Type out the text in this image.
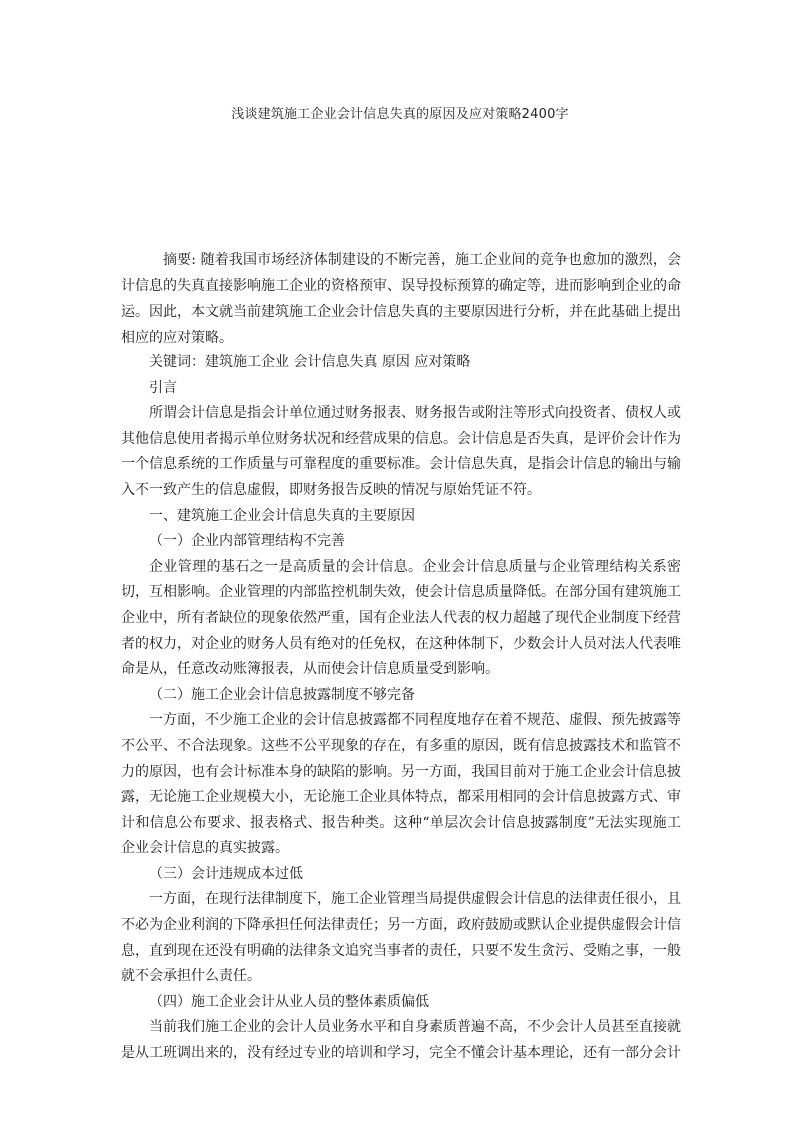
浅谈建筑施工企业会计信息失真的原因及应对策略2400字

摘要: 随着我国市场经济体制建设的不断完善，施工企业间的竞争也愈加的激烈，会计信息的失真直接影响施工企业的资格预审、误导投标预算的确定等，进而影响到企业的命运。因此，本文就当前建筑施工企业会计信息失真的主要原因进行分析，并在此基础上提出相应的应对策略。

关键词：建筑施工企业 会计信息失真 原因 应对策略

引言

所谓会计信息是指会计单位通过财务报表、财务报告或附注等形式向投资者、债权人或其他信息使用者揭示单位财务状况和经营成果的信息。会计信息是否失真，是评价会计作为一个信息系统的工作质量与可靠程度的重要标准。会计信息失真，是指会计信息的输出与输入不一致产生的信息虚假，即财务报告反映的情况与原始凭证不符。

一、建筑施工企业会计信息失真的主要原因

（一）企业内部管理结构不完善

企业管理的基石之一是高质量的会计信息。企业会计信息质量与企业管理结构关系密切，互相影响。企业管理的内部监控机制失效，使会计信息质量降低。在部分国有建筑施工企业中，所有者缺位的现象依然严重，国有企业法人代表的权力超越了现代企业制度下经营者的权力，对企业的财务人员有绝对的任免权，在这种体制下，少数会计人员对法人代表唯命是从，任意改动账簿报表，从而使会计信息质量受到影响。

（二）施工企业会计信息披露制度不够完备

一方面，不少施工企业的会计信息披露都不同程度地存在着不规范、虚假、预先披露等不公平、不合法现象。这些不公平现象的存在，有多重的原因，既有信息披露技术和监管不力的原因，也有会计标准本身的缺陷的影响。另一方面，我国目前对于施工企业会计信息披露，无论施工企业规模大小，无论施工企业具体特点，都采用相同的会计信息披露方式、审计和信息公布要求、报表格式、报告种类。这种“单层次会计信息披露制度”无法实现施工企业会计信息的真实披露。

（三）会计违规成本过低

一方面，在现行法律制度下，施工企业管理当局提供虚假会计信息的法律责任很小，且不必为企业利润的下降承担任何法律责任；另一方面，政府鼓励或默认企业提供虚假会计信息，直到现在还没有明确的法律条文追究当事者的责任，只要不发生贪污、受贿之事，一般就不会承担什么责任。

（四）施工企业会计从业人员的整体素质偏低

当前我们施工企业的会计人员业务水平和自身素质普遍不高，不少会计人员甚至直接就是从工班调出来的，没有经过专业的培训和学习，完全不懂会计基本理论，还有一部分会计
